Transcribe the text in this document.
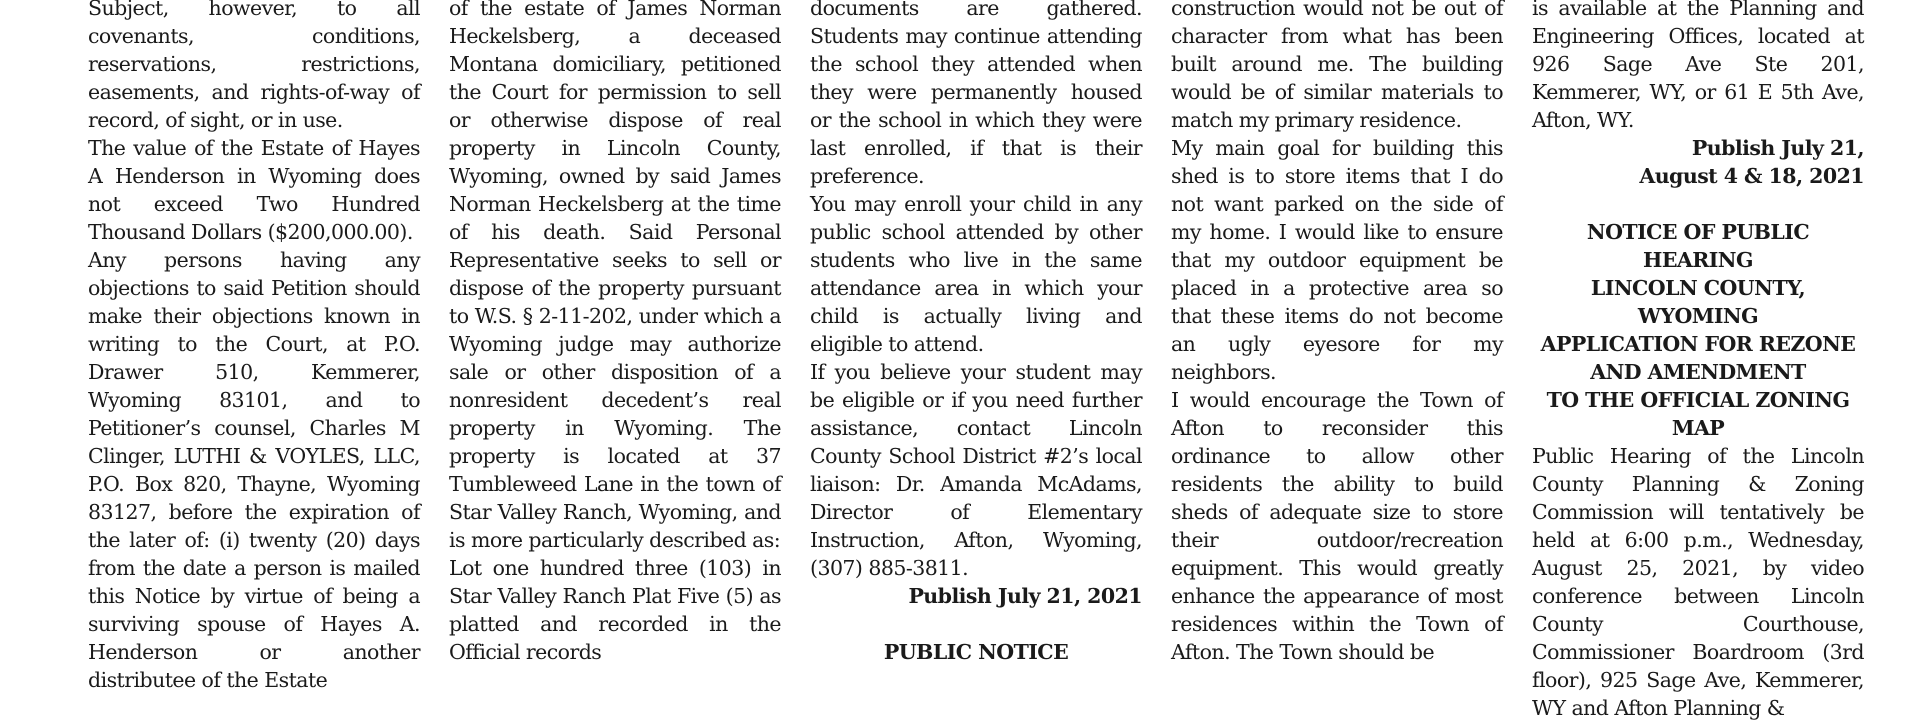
Subject, however, to all covenants, conditions, reservations, restrictions, easements, and rights-of-way of record, of sight, or in use.

The value of the Estate of Hayes A Henderson in Wyoming does not exceed Two Hundred Thousand Dollars ($200,000.00).

Any persons having any objections to said Petition should make their objections known in writing to the Court, at P.O. Drawer 510, Kemmerer, Wyoming 83101, and to Petitioner’s counsel, Charles M Clinger, LUTHI & VOYLES, LLC, P.O. Box 820, Thayne, Wyoming 83127, before the expiration of the later of: (i) twenty (20) days from the date a person is mailed this Notice by virtue of being a surviving spouse of Hayes A. Henderson or another distributee of the Estate

of the estate of James Norman Heckelsberg, a deceased Montana domiciliary, petitioned the Court for permission to sell or otherwise dispose of real property in Lincoln County, Wyoming, owned by said James Norman Heckelsberg at the time of his death. Said Personal Representative seeks to sell or dispose of the property pursuant to W.S. § 2-11-202, under which a Wyoming judge may authorize sale or other disposition of a nonresident decedent’s real property in Wyoming. The property is located at 37 Tumbleweed Lane in the town of Star Valley Ranch, Wyoming, and is more particularly described as:

Lot one hundred three (103) in Star Valley Ranch Plat Five (5) as platted and recorded in the Official records

documents are gathered. Students may continue attending the school they attended when they were permanently housed or the school in which they were last enrolled, if that is their preference.

You may enroll your child in any public school attended by other students who live in the same attendance area in which your child is actually living and eligible to attend.

If you believe your student may be eligible or if you need further assistance, contact Lincoln County School District #2’s local liaison: Dr. Amanda McAdams, Director of Elementary Instruction, Afton, Wyoming, (307) 885-3811.

Publish July 21, 2021

PUBLIC NOTICE

construction would not be out of character from what has been built around me. The building would be of similar materials to match my primary residence.

My main goal for building this shed is to store items that I do not want parked on the side of my home. I would like to ensure that my outdoor equipment be placed in a protective area so that these items do not become an ugly eyesore for my neighbors.

I would encourage the Town of Afton to reconsider this ordinance to allow other residents the ability to build sheds of adequate size to store their outdoor/recreation equipment. This would greatly enhance the appearance of most residences within the Town of Afton. The Town should be

is available at the Planning and Engineering Offices, located at 926 Sage Ave Ste 201, Kemmerer, WY, or 61 E 5th Ave, Afton, WY.

Publish July 21,

August 4 & 18, 2021

NOTICE OF PUBLIC HEARING

LINCOLN COUNTY, WYOMING

APPLICATION FOR REZONE

AND AMENDMENT

TO THE OFFICIAL ZONING

MAP

Public Hearing of the Lincoln County Planning & Zoning Commission will tentatively be held at 6:00 p.m., Wednesday, August 25, 2021, by video conference between Lincoln County Courthouse, Commissioner Boardroom (3rd floor), 925 Sage Ave, Kemmerer, WY and Afton Planning &
